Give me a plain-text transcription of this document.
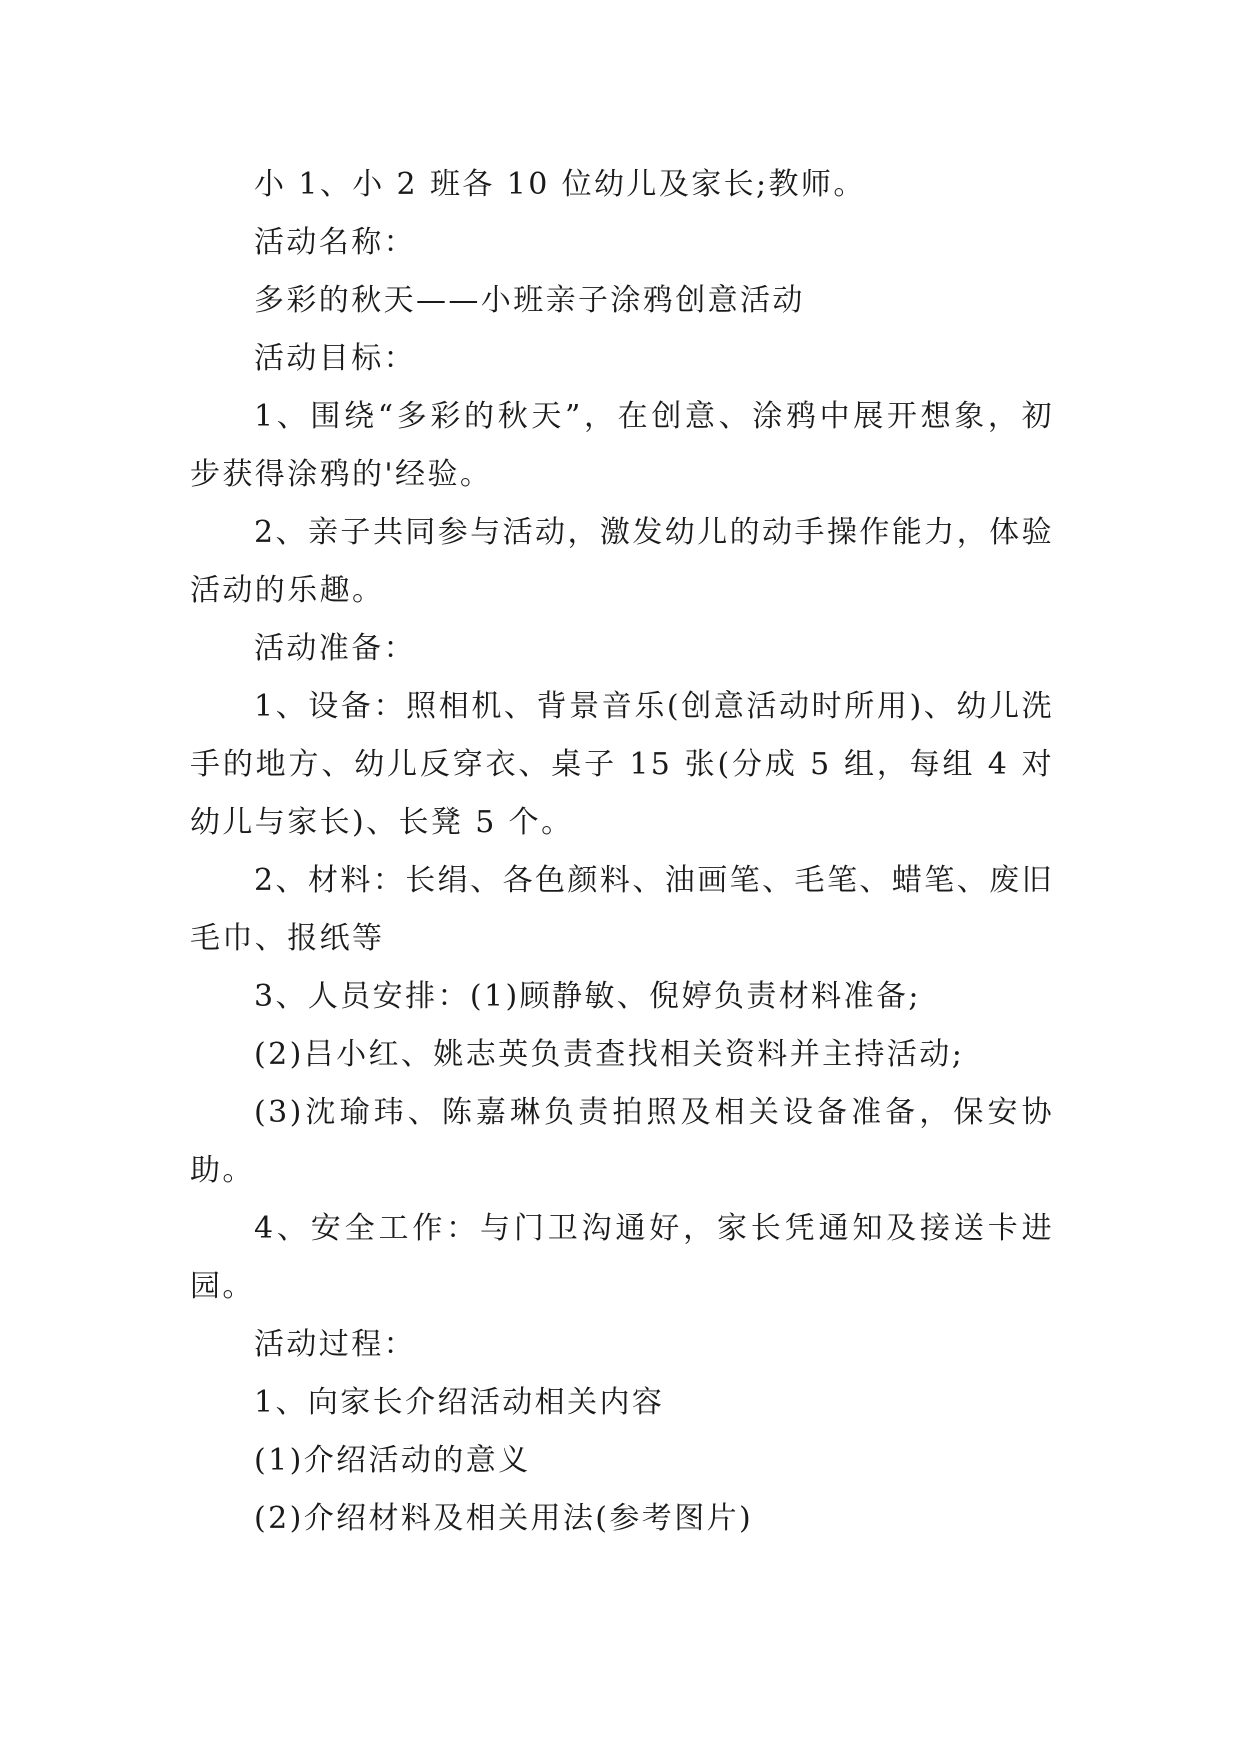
小 1、小 2 班各 10 位幼儿及家长;教师。

活动名称：

多彩的秋天——小班亲子涂鸦创意活动

活动目标：

1、围绕“多彩的秋天”，在创意、涂鸦中展开想象，初步获得涂鸦的'经验。

2、亲子共同参与活动，激发幼儿的动手操作能力，体验活动的乐趣。

活动准备：

1、设备：照相机、背景音乐(创意活动时所用)、幼儿洗手的地方、幼儿反穿衣、桌子 15 张(分成 5 组，每组 4 对幼儿与家长)、长凳 5 个。

2、材料：长绢、各色颜料、油画笔、毛笔、蜡笔、废旧毛巾、报纸等

3、人员安排：(1)顾静敏、倪婷负责材料准备;

(2)吕小红、姚志英负责查找相关资料并主持活动;

(3)沈瑜玮、陈嘉琳负责拍照及相关设备准备，保安协助。

4、安全工作：与门卫沟通好，家长凭通知及接送卡进园。

活动过程：

1、向家长介绍活动相关内容

(1)介绍活动的意义

(2)介绍材料及相关用法(参考图片)
